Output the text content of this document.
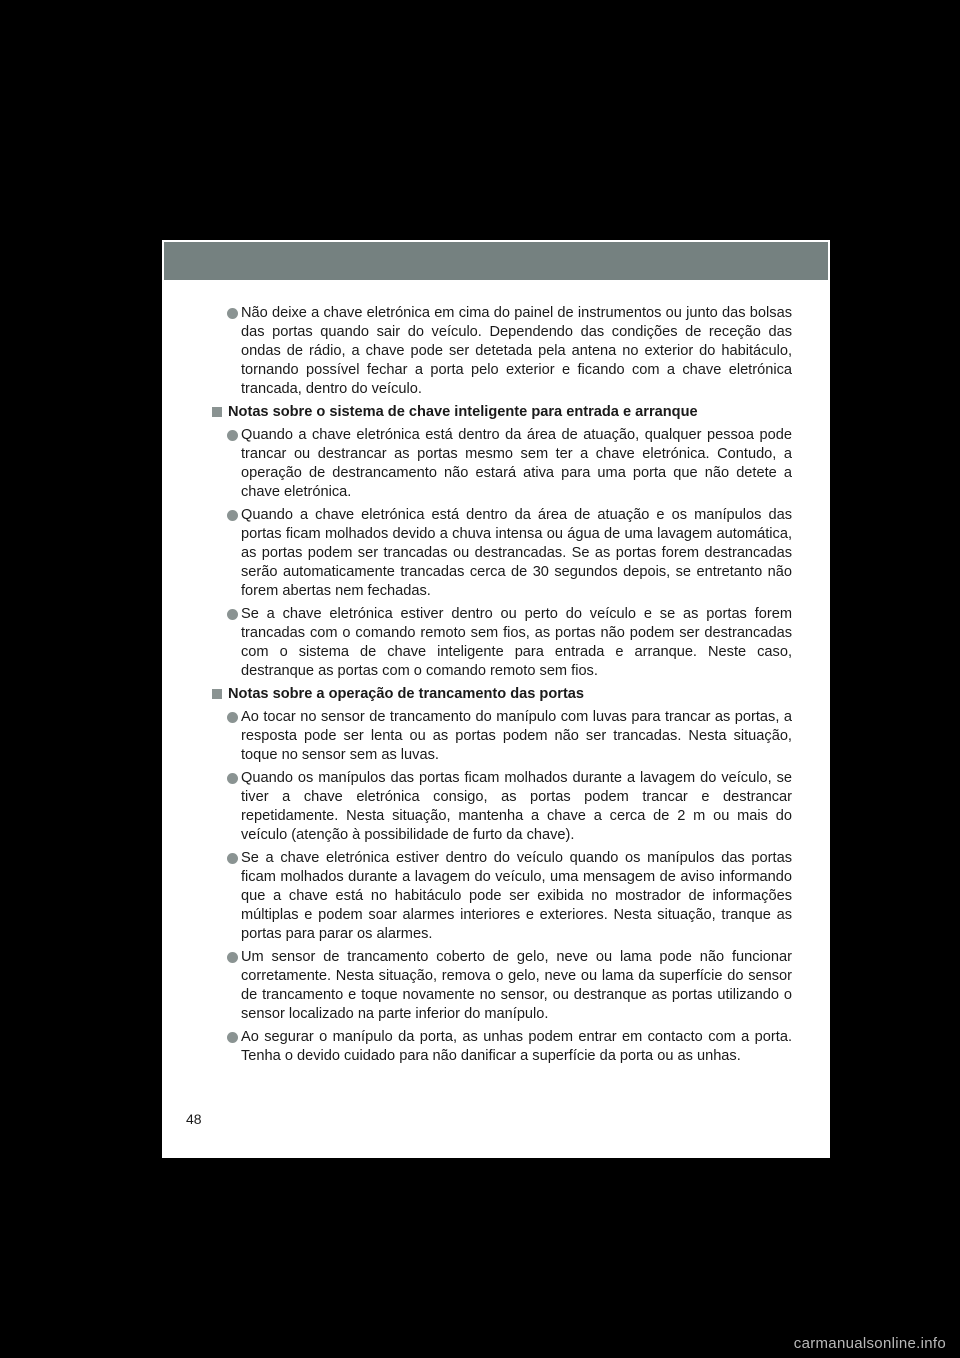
Não deixe a chave eletrónica em cima do painel de instrumentos ou junto das bolsas das portas quando sair do veículo. Dependendo das condições de receção das ondas de rádio, a chave pode ser detetada pela antena no exterior do habitáculo, tornando possível fechar a porta pelo exterior e ficando com a chave eletrónica trancada, dentro do veículo.
Notas sobre o sistema de chave inteligente para entrada e arranque
Quando a chave eletrónica está dentro da área de atuação, qualquer pessoa pode trancar ou destrancar as portas mesmo sem ter a chave eletrónica. Contudo, a operação de destrancamento não estará ativa para uma porta que não detete a chave eletrónica.
Quando a chave eletrónica está dentro da área de atuação e os manípulos das portas ficam molhados devido a chuva intensa ou água de uma lavagem automática, as portas podem ser trancadas ou destrancadas. Se as portas forem destrancadas serão automaticamente trancadas cerca de 30 segundos depois, se entretanto não forem abertas nem fechadas.
Se a chave eletrónica estiver dentro ou perto do veículo e se as portas forem trancadas com o comando remoto sem fios, as portas não podem ser destrancadas com o sistema de chave inteligente para entrada e arranque. Neste caso, destranque as portas com o comando remoto sem fios.
Notas sobre a operação de trancamento das portas
Ao tocar no sensor de trancamento do manípulo com luvas para trancar as portas, a resposta pode ser lenta ou as portas podem não ser trancadas. Nesta situação, toque no sensor sem as luvas.
Quando os manípulos das portas ficam molhados durante a lavagem do veículo, se tiver a chave eletrónica consigo, as portas podem trancar e destrancar repetidamente. Nesta situação, mantenha a chave a cerca de 2 m ou mais do veículo (atenção à possibilidade de furto da chave).
Se a chave eletrónica estiver dentro do veículo quando os manípulos das portas ficam molhados durante a lavagem do veículo, uma mensagem de aviso informando que a chave está no habitáculo pode ser exibida no mostrador de informações múltiplas e podem soar alarmes interiores e exteriores. Nesta situação, tranque as portas para parar os alarmes.
Um sensor de trancamento coberto de gelo, neve ou lama pode não funcionar corretamente. Nesta situação, remova o gelo, neve ou lama da superfície do sensor de trancamento e toque novamente no sensor, ou destranque as portas utilizando o sensor localizado na parte inferior do manípulo.
Ao segurar o manípulo da porta, as unhas podem entrar em contacto com a porta. Tenha o devido cuidado para não danificar a superfície da porta ou as unhas.
48
carmanualsonline.info
